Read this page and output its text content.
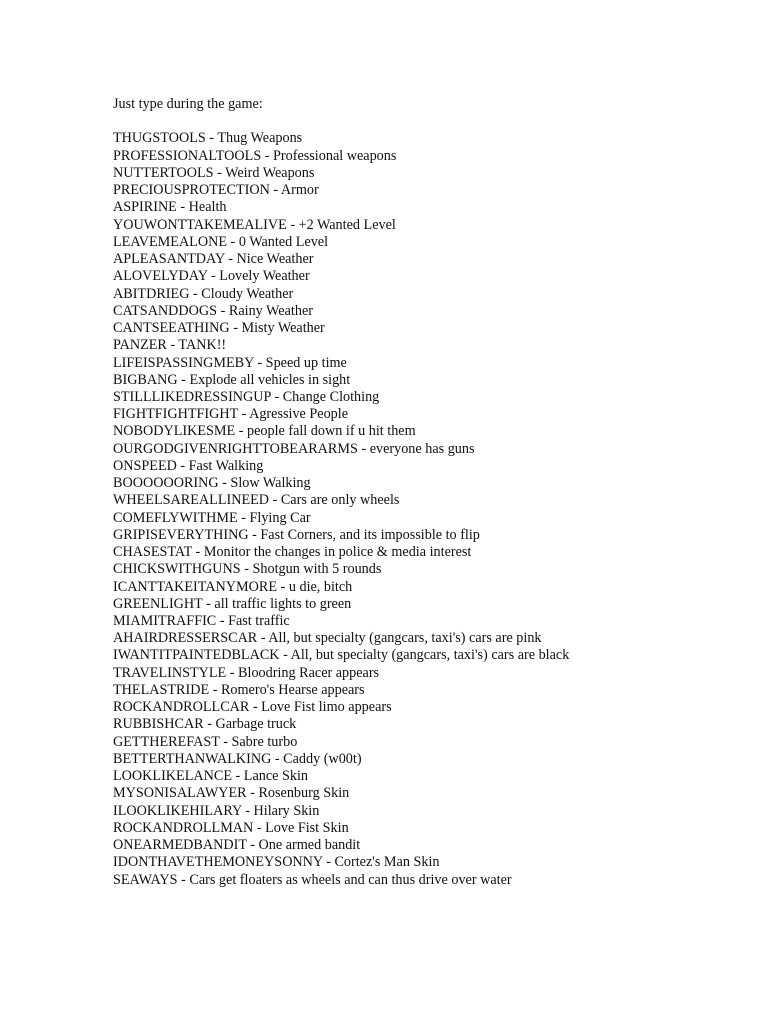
Just type during the game:

THUGSTOOLS - Thug Weapons
PROFESSIONALTOOLS - Professional weapons
NUTTERTOOLS - Weird Weapons
PRECIOUSPROTECTION - Armor
ASPIRINE - Health
YOUWONTTAKEMEALIVE - +2 Wanted Level
LEAVEMEALONE - 0 Wanted Level
APLEASANTDAY - Nice Weather
ALOVELYDAY - Lovely Weather
ABITDRIEG - Cloudy Weather
CATSANDDOGS - Rainy Weather
CANTSEEATHING - Misty Weather
PANZER - TANK!!
LIFEISPASSINGMEBY - Speed up time
BIGBANG - Explode all vehicles in sight
STILLLIKEDRESSINGUP - Change Clothing
FIGHTFIGHTFIGHT - Agressive People
NOBODYLIKESME - people fall down if u hit them
OURGODGIVENRIGHTTOBEARARMS - everyone has guns
ONSPEED - Fast Walking
BOOOOOORING - Slow Walking
WHEELSAREALLINEED - Cars are only wheels
COMEFLYWITHME - Flying Car
GRIPISEVERYTHING - Fast Corners, and its impossible to flip
CHASESTAT - Monitor the changes in police & media interest
CHICKSWITHGUNS - Shotgun with 5 rounds
ICANTTAKEITANYMORE - u die, bitch
GREENLIGHT - all traffic lights to green
MIAMITRAFFIC - Fast traffic
AHAIRDRESSERSCAR - All, but specialty (gangcars, taxi's) cars are pink
IWANTITPAINTEDBLACK - All, but specialty (gangcars, taxi's) cars are black
TRAVELINSTYLE - Bloodring Racer appears
THELASTRIDE - Romero's Hearse appears
ROCKANDROLLCAR - Love Fist limo appears
RUBBISHCAR - Garbage truck
GETTHEREFAST - Sabre turbo
BETTERTHANWALKING - Caddy (w00t)
LOOKLIKELANCE - Lance Skin
MYSONISALAWYER - Rosenburg Skin
ILOOKLIKEHILARY - Hilary Skin
ROCKANDROLLMAN - Love Fist Skin
ONEARMEDBANDIT - One armed bandit
IDONTHAVETHEMONEYSONNY - Cortez's Man Skin
SEAWAYS - Cars get floaters as wheels and can thus drive over water
